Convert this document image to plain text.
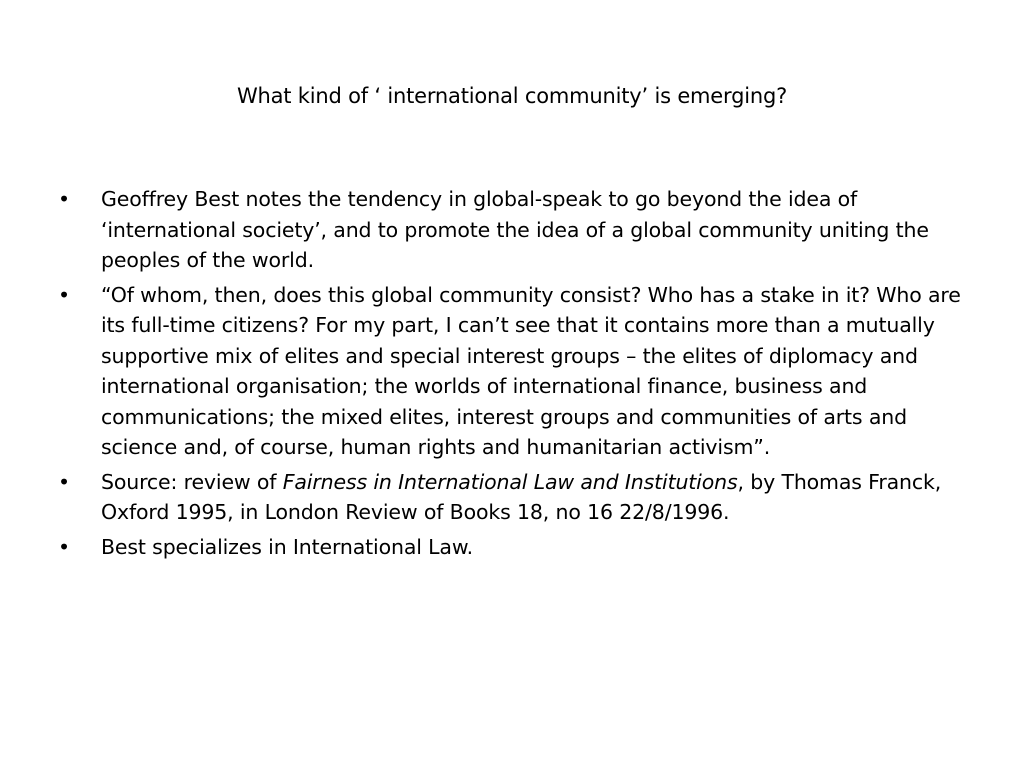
What kind of ‘ international community’ is emerging?
•	Geoffrey Best notes the tendency in global-speak to go beyond the idea of ‘international society’, and to promote the idea of a global community uniting the peoples of the world.
•	“Of whom, then, does this global community consist? Who has a stake in it? Who are its full-time citizens? For my part, I can’t see that it contains more than a mutually supportive mix of elites and special interest groups – the elites of diplomacy and international organisation; the worlds of international finance, business and communications; the mixed elites, interest groups and communities of arts and science and, of course, human rights and humanitarian activism”.
•	Source: review of Fairness in International Law and Institutions, by Thomas Franck, Oxford 1995, in London Review of Books 18, no 16 22/8/1996.
•	Best specializes in International Law.
